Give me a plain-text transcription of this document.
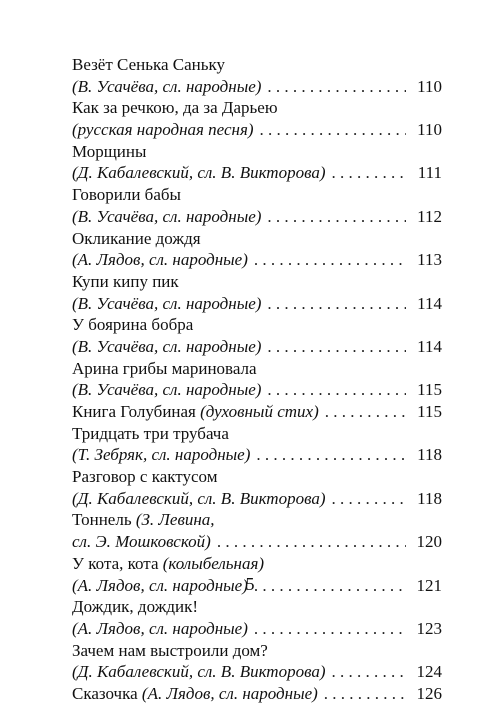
Везёт Сенька Саньку
(В. Усачёва, сл. народные) . . .	110
Как за речкою, да за Дарьею
(русская народная песня) . . .	110
Морщины
(Д. Кабалевский, сл. В. Викторова) . . .	111
Говорили бабы
(В. Усачёва, сл. народные) . . .	112
Окликание дождя
(А. Лядов, сл. народные) . . .	113
Купи кипу пик
(В. Усачёва, сл. народные) . . .	114
У боярина бобра
(В. Усачёва, сл. народные) . . .	114
Арина грибы мариновала
(В. Усачёва, сл. народные) . . .	115
Книга Голубиная
(духовный стих) . . .	115
Тридцать три трубача
(Т. Зебряк, сл. народные) . . .	118
Разговор с кактусом
(Д. Кабалевский, сл. В. Викторова) . . .	118
Тоннель
(З. Левина,
сл. Э. Мошковской) . . .	120
У кота, кота
(колыбельная)
(А. Лядов, сл. народные) . . .	121
Дождик, дождик!
(А. Лядов, сл. народные) . . .	123
Зачем нам выстроили дом?
(Д. Кабалевский, сл. В. Викторова) . . .	124
Сказочка
(А. Лядов, сл. народные) . . .	126
5
